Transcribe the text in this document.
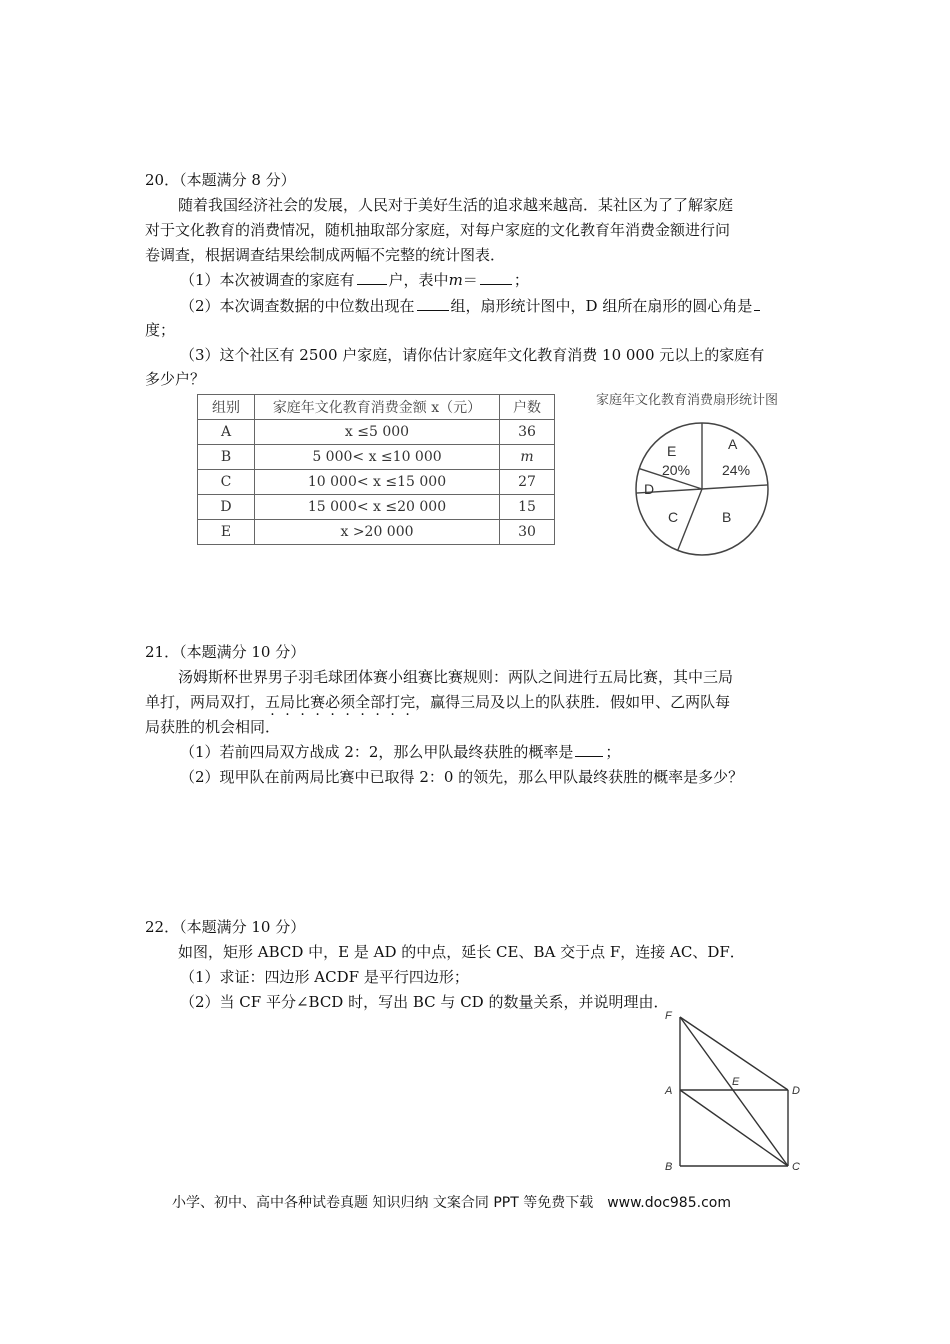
20．（本题满分 8 分）
随着我国经济社会的发展，人民对于美好生活的追求越来越高．某社区为了了解家庭
对于文化教育的消费情况，随机抽取部分家庭，对每户家庭的文化教育年消费金额进行问
卷调查，根据调查结果绘制成两幅不完整的统计图表．
（1）本次被调查的家庭有 户，表中m＝ ；
（2）本次调查数据的中位数出现在 组，扇形统计图中，D 组所在扇形的圆心角是
度；
（3）这个社区有 2500 户家庭，请你估计家庭年文化教育消费 10 000 元以上的家庭有
多少户？
组别	家庭年文化教育消费金额 x（元）	户数
A	x ≤5 000	36
B	5 000< x ≤10 000	m
C	10 000< x ≤15 000	27
D	15 000< x ≤20 000	15
E	x >20 000	30
家庭年文化教育消费扇形统计图
A
24%
B
C
D
E
20%
21．（本题满分 10 分）
汤姆斯杯世界男子羽毛球团体赛小组赛比赛规则：两队之间进行五局比赛，其中三局
单打，两局双打，五局比赛必须全部打完，赢得三局及以上的队获胜．假如甲、乙两队每
局获胜的机会相同．
（1）若前四局双方战成 2：2，那么甲队最终获胜的概率是 ；
（2）现甲队在前两局比赛中已取得 2：0 的领先，那么甲队最终获胜的概率是多少？
22．（本题满分 10 分）
如图，矩形 ABCD 中，E 是 AD 的中点，延长 CE、BA 交于点 F，连接 AC、DF．
（1）求证：四边形 ACDF 是平行四边形；
（2）当 CF 平分∠BCD 时，写出 BC 与 CD 的数量关系，并说明理由．
F
A
E
D
B	C
小学、初中、高中各种试卷真题 知识归纳 文案合同 PPT 等免费下载　www.doc985.com
